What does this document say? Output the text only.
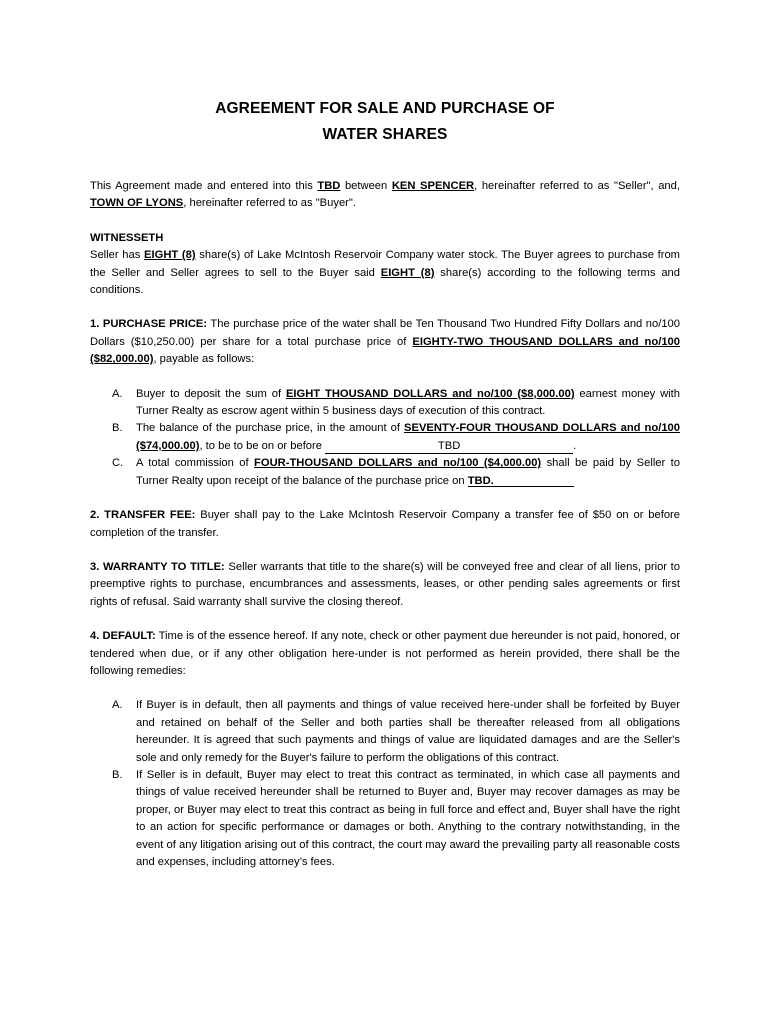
AGREEMENT FOR SALE AND PURCHASE OF
WATER SHARES

This Agreement made and entered into this TBD between KEN SPENCER, hereinafter referred to as "Seller", and, TOWN OF LYONS, hereinafter referred to as "Buyer".

WITNESSETH

Seller has EIGHT (8) share(s) of Lake McIntosh Reservoir Company water stock. The Buyer agrees to purchase from the Seller and Seller agrees to sell to the Buyer said EIGHT (8) share(s) according to the following terms and conditions.

1. PURCHASE PRICE: The purchase price of the water shall be Ten Thousand Two Hundred Fifty Dollars and no/100 Dollars ($10,250.00) per share for a total purchase price of EIGHTY-TWO THOUSAND DOLLARS and no/100 ($82,000.00), payable as follows:

A. Buyer to deposit the sum of EIGHT THOUSAND DOLLARS and no/100 ($8,000.00) earnest money with Turner Realty as escrow agent within 5 business days of execution of this contract.
B. The balance of the purchase price, in the amount of SEVENTY-FOUR THOUSAND DOLLARS and no/100 ($74,000.00), to be to be on or before	TBD	.
C. A total commission of FOUR-THOUSAND DOLLARS and no/100 ($4,000.00) shall be paid by Seller to Turner Realty upon receipt of the balance of the purchase price on TBD.

2. TRANSFER FEE: Buyer shall pay to the Lake McIntosh Reservoir Company a transfer fee of $50 on or before completion of the transfer.

3. WARRANTY TO TITLE: Seller warrants that title to the share(s) will be conveyed free and clear of all liens, prior to preemptive rights to purchase, encumbrances and assessments, leases, or other pending sales agreements or first rights of refusal. Said warranty shall survive the closing thereof.

4. DEFAULT: Time is of the essence hereof. If any note, check or other payment due hereunder is not paid, honored, or tendered when due, or if any other obligation here-under is not performed as herein provided, there shall be the following remedies:

A. If Buyer is in default, then all payments and things of value received here-under shall be forfeited by Buyer and retained on behalf of the Seller and both parties shall be thereafter released from all obligations hereunder. It is agreed that such payments and things of value are liquidated damages and are the Seller's sole and only remedy for the Buyer's failure to perform the obligations of this contract.
B. If Seller is in default, Buyer may elect to treat this contract as terminated, in which case all payments and things of value received hereunder shall be returned to Buyer and, Buyer may recover damages as may be proper, or Buyer may elect to treat this contract as being in full force and effect and, Buyer shall have the right to an action for specific performance or damages or both. Anything to the contrary notwithstanding, in the event of any litigation arising out of this contract, the court may award the prevailing party all reasonable costs and expenses, including attorney’s fees.
